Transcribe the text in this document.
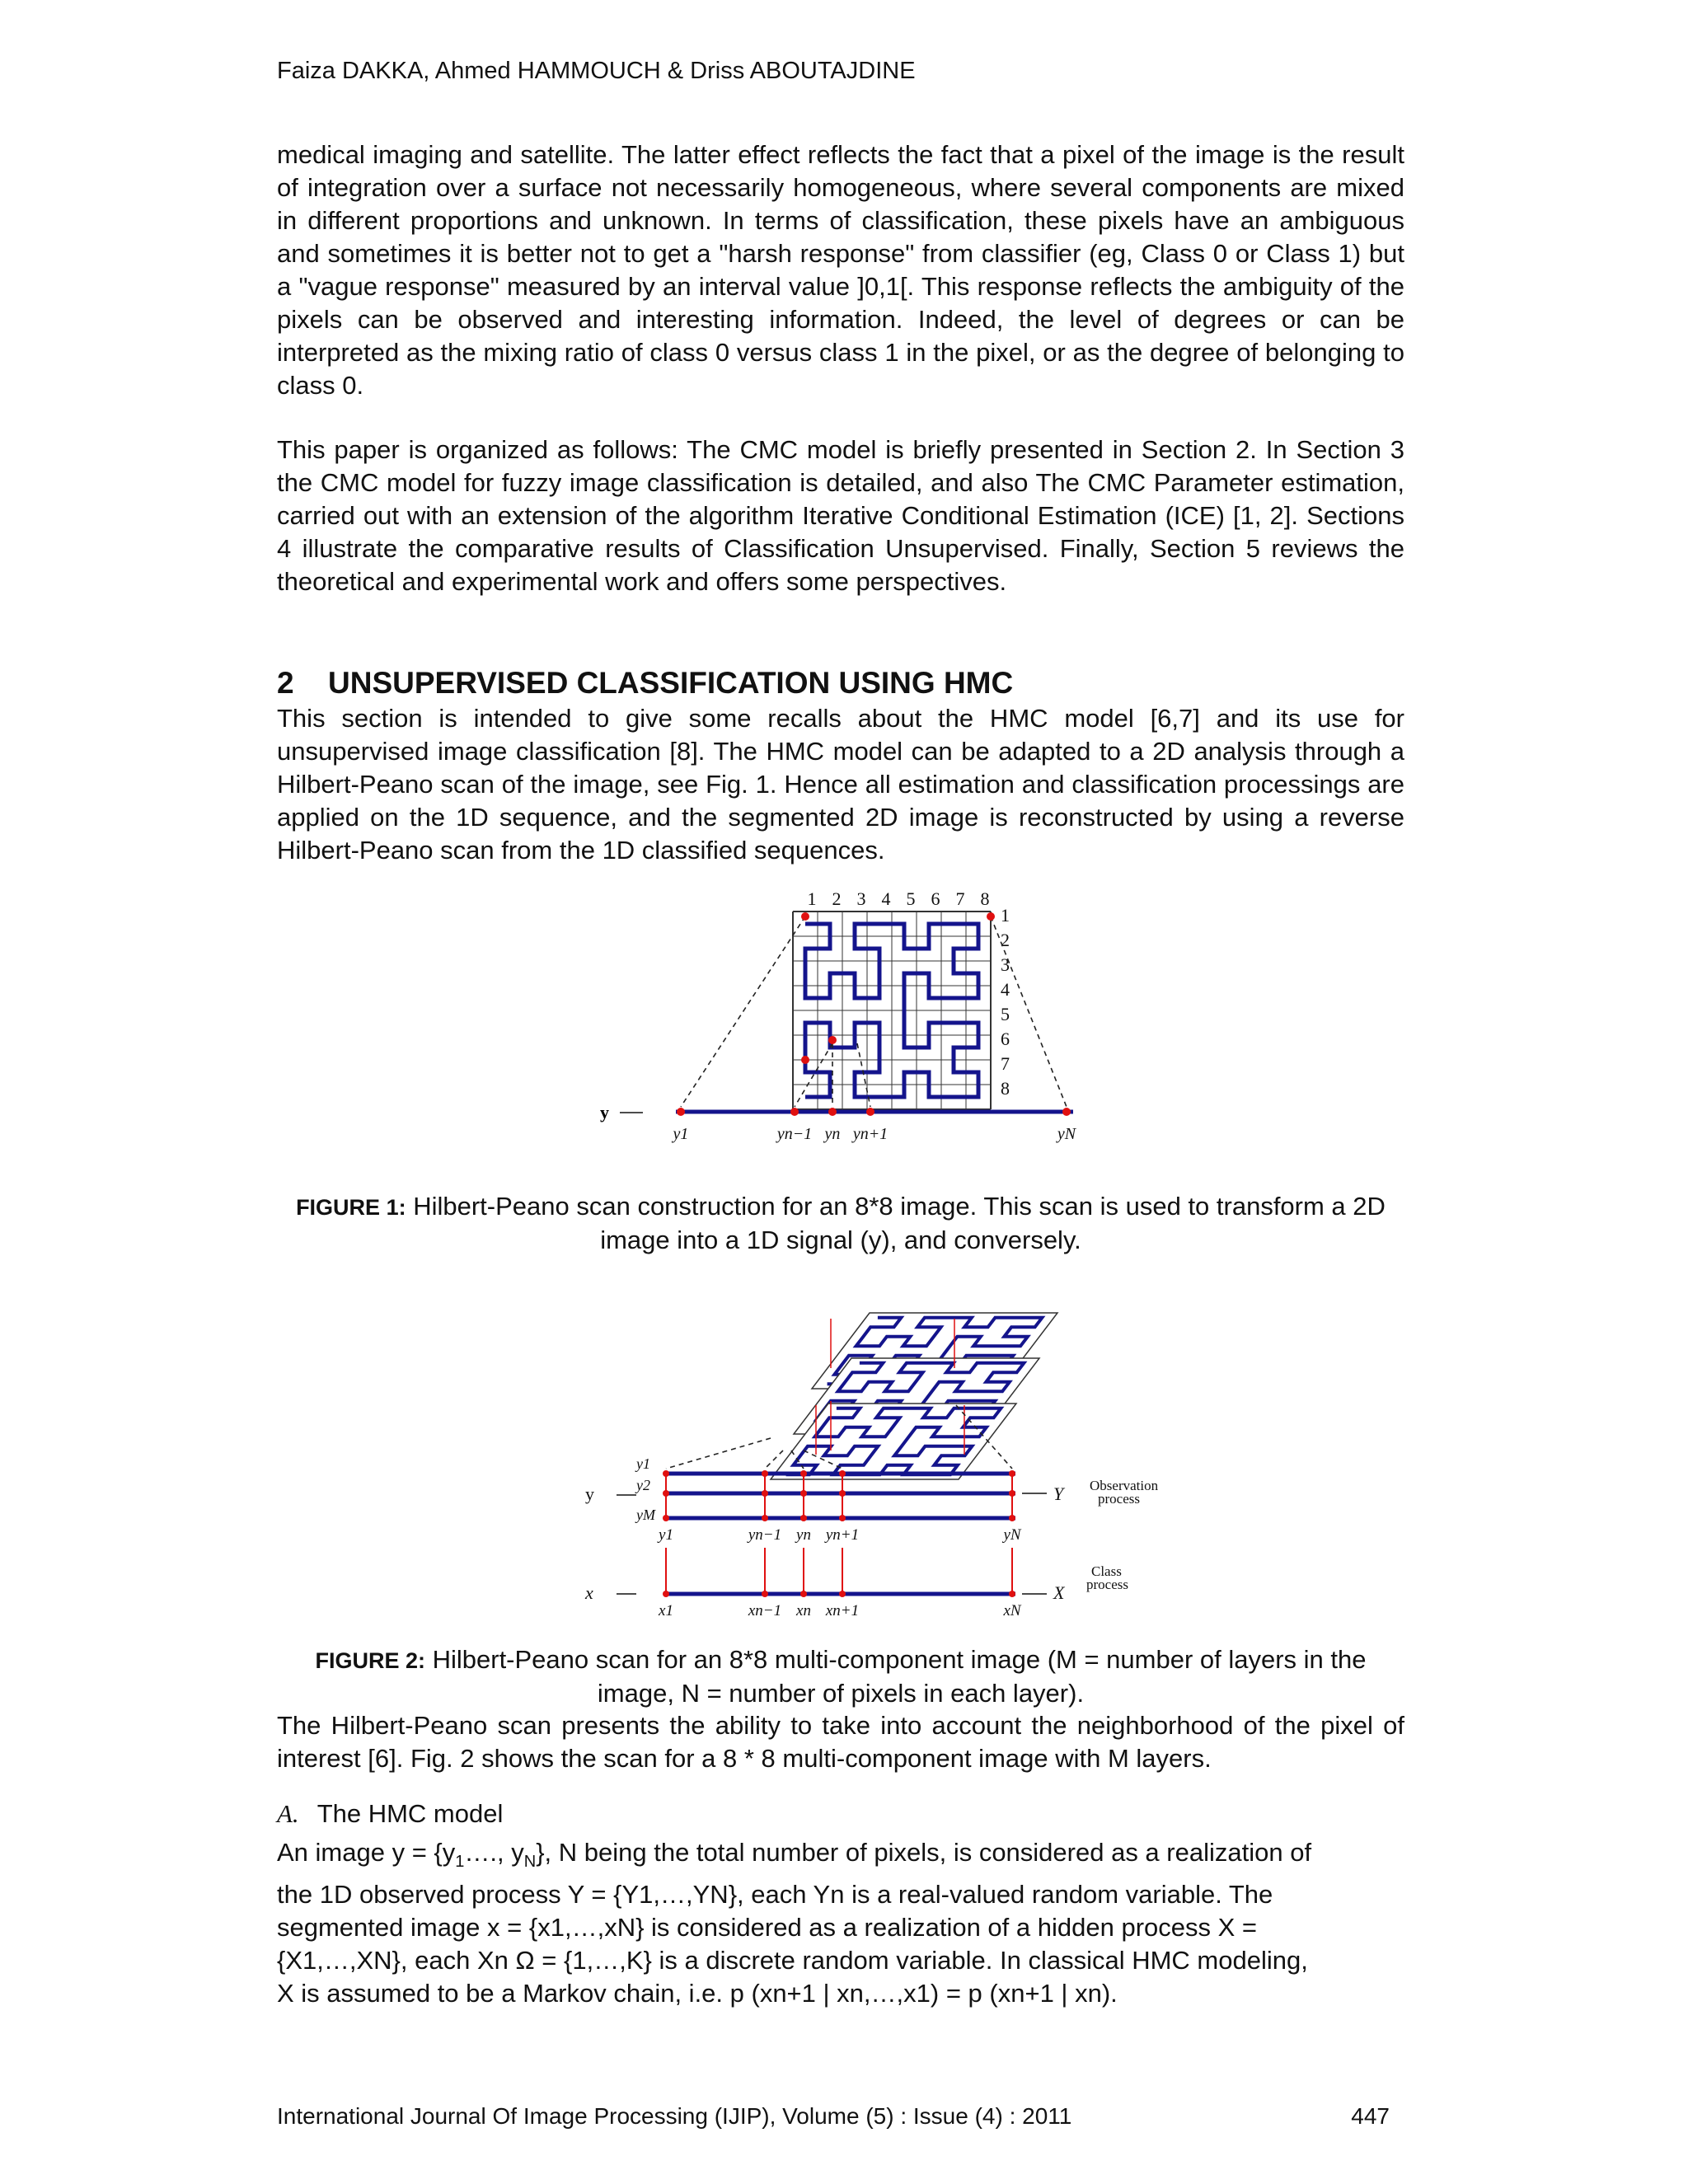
Faiza DAKKA, Ahmed HAMMOUCH & Driss ABOUTAJDINE
medical imaging and satellite. The latter effect reflects the fact that a pixel of the image is the result of integration over a surface not necessarily homogeneous, where several components are mixed in different proportions and unknown. In terms of classification, these pixels have an ambiguous and sometimes it is better not to get a "harsh response" from classifier (eg, Class 0 or Class 1) but a "vague response" measured by an interval value ]0,1[. This response reflects the ambiguity of the pixels can be observed and interesting information. Indeed, the level of degrees or can be interpreted as the mixing ratio of class 0 versus class 1 in the pixel, or as the degree of belonging to class 0.
This paper is organized as follows: The CMC model is briefly presented in Section 2. In Section 3 the CMC model for fuzzy image classification is detailed, and also The CMC Parameter estimation, carried out with an extension of the algorithm Iterative Conditional Estimation (ICE) [1, 2]. Sections 4 illustrate the comparative results of Classification Unsupervised. Finally, Section 5 reviews the theoretical and experimental work and offers some perspectives.
2 UNSUPERVISED CLASSIFICATION USING HMC
This section is intended to give some recalls about the HMC model [6,7] and its use for unsupervised image classification [8]. The HMC model can be adapted to a 2D analysis through a Hilbert-Peano scan of the image, see Fig. 1. Hence all estimation and classification processings are applied on the 1D sequence, and the segmented 2D image is reconstructed by using a reverse Hilbert-Peano scan from the 1D classified sequences.
1 2 3 4 5 6 7 8
1
2
3
4
5
6
7
8
y
y1	yn−1 yn yn+1	yN
FIGURE 1: Hilbert-Peano scan construction for an 8*8 image. This scan is used to transform a 2D image into a 1D signal (y), and conversely.
y1
y2
yM
y
x
y1	yn−1 yn yn+1	yN
x1	xn−1 xn xn+1	xN
Y
X
Observation
process
Class
process
FIGURE 2: Hilbert-Peano scan for an 8*8 multi-component image (M = number of layers in the image, N = number of pixels in each layer).
The Hilbert-Peano scan presents the ability to take into account the neighborhood of the pixel of interest [6]. Fig. 2 shows the scan for a 8 * 8 multi-component image with M layers.
A. The HMC model
An image $y = \{y_1\dots$., $y_N$}, N being the total number of pixels, is considered as a realization of
the 1D observed process Y = {Y1,…,YN}, each Yn is a real-valued random variable. The
segmented image x = {x1,…,xN} is considered as a realization of a hidden process X =
{X1,…,XN}, each Xn Ω = {1,…,K} is a discrete random variable. In classical HMC modeling,
X is assumed to be a Markov chain, i.e. p (xn+1 | xn,…,x1) = p (xn+1 | xn).
International Journal Of Image Processing (IJIP), Volume (5) : Issue (4) : 2011	447
